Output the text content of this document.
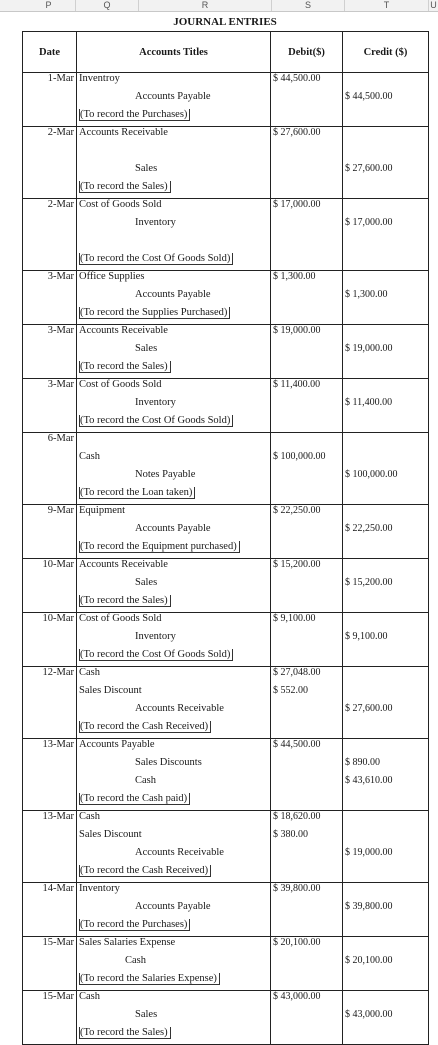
P	Q	R	S	T	U
JOURNAL ENTRIES
Date	Accounts Titles	Debit($)	Credit ($)
1-Mar	Inventroy	$ 44,500.00	
	Accounts Payable		$ 44,500.00
	(To record the Purchases)		
2-Mar	Accounts Receivable	$ 27,600.00	

	Sales		$ 27,600.00
	(To record the Sales)		
2-Mar	Cost of Goods Sold	$ 17,000.00	
	Inventory		$ 17,000.00

	(To record the Cost Of Goods Sold)		
3-Mar	Office Supplies	$ 1,300.00	
	Accounts Payable		$ 1,300.00
	(To record the Supplies Purchased)		
3-Mar	Accounts Receivable	$ 19,000.00	
	Sales		$ 19,000.00
	(To record the Sales)		
3-Mar	Cost of Goods Sold	$ 11,400.00	
	Inventory		$ 11,400.00
	(To record the Cost Of Goods Sold)		
6-Mar			
	Cash	$ 100,000.00	
	Notes Payable		$ 100,000.00
	(To record the Loan taken)		
9-Mar	Equipment	$ 22,250.00	
	Accounts Payable		$ 22,250.00
	(To record the Equipment purchased)		
10-Mar	Accounts Receivable	$ 15,200.00	
	Sales		$ 15,200.00
	(To record the Sales)		
10-Mar	Cost of Goods Sold	$ 9,100.00	
	Inventory		$ 9,100.00
	(To record the Cost Of Goods Sold)		
12-Mar	Cash	$ 27,048.00	
	Sales Discount	$ 552.00	
	Accounts Receivable		$ 27,600.00
	(To record the Cash Received)		
13-Mar	Accounts Payable	$ 44,500.00	
	Sales Discounts		$ 890.00
	Cash		$ 43,610.00
	(To record the Cash paid)		
13-Mar	Cash	$ 18,620.00	
	Sales Discount	$ 380.00	
	Accounts Receivable		$ 19,000.00
	(To record the Cash Received)		
14-Mar	Inventory	$ 39,800.00	
	Accounts Payable		$ 39,800.00
	(To record the Purchases)		
15-Mar	Sales Salaries Expense	$ 20,100.00	
	Cash		$ 20,100.00
	(To record the Salaries Expense)		
15-Mar	Cash	$ 43,000.00	
	Sales		$ 43,000.00
	(To record the Sales)		
